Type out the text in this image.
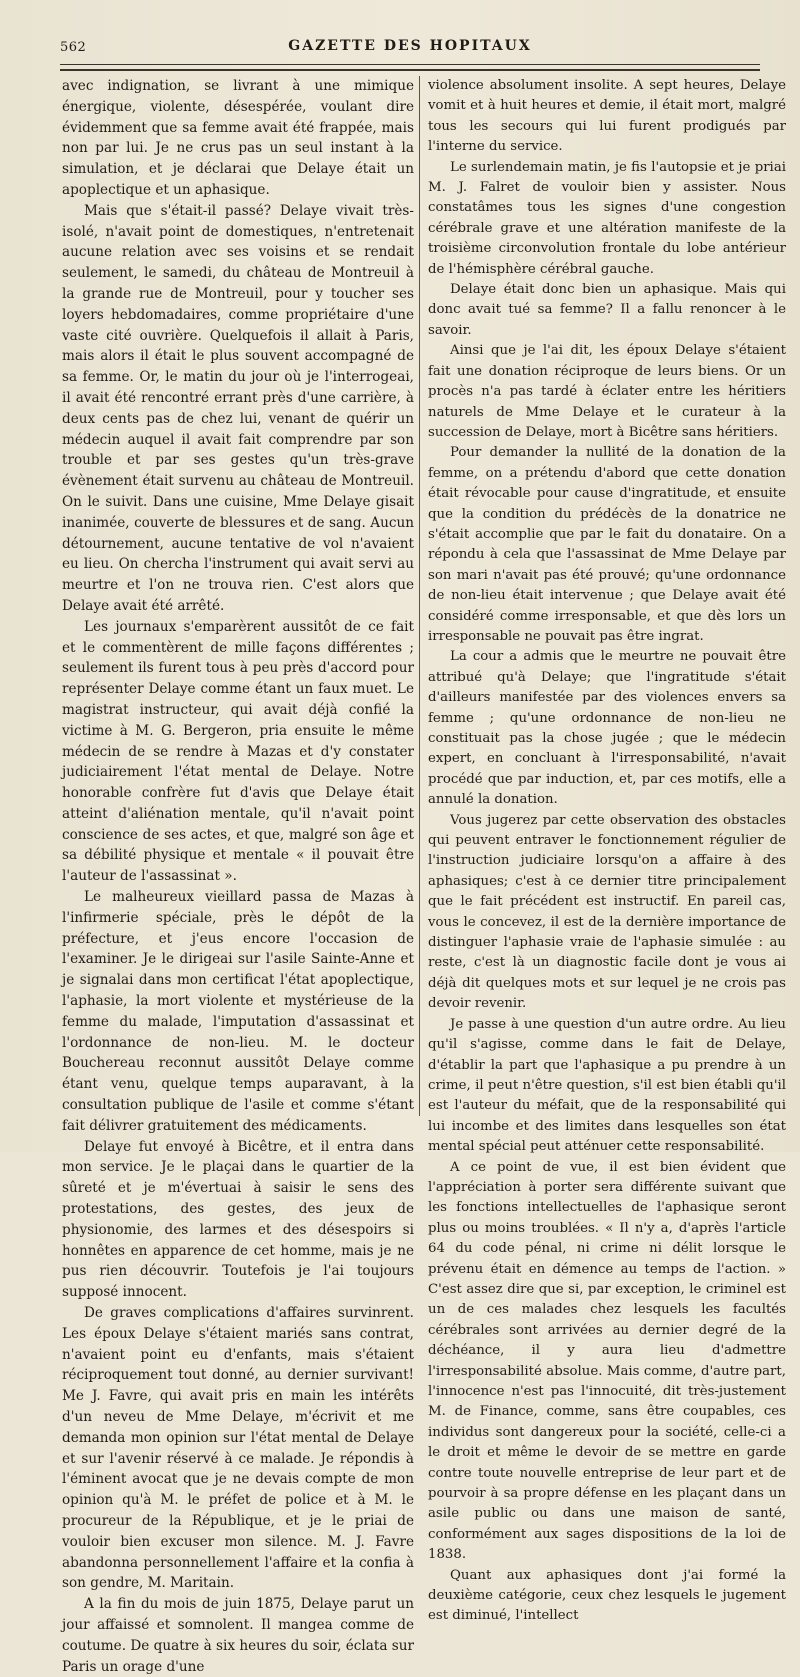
562	GAZETTE DES HOPITAUX

avec indignation, se livrant à une mimique énergique, violente, désespérée, voulant dire évidemment que sa femme avait été frappée, mais non par lui. Je ne crus pas un seul instant à la simulation, et je déclarai que Delaye était un apoplectique et un aphasique.

Mais que s'était-il passé? Delaye vivait très-isolé, n'avait point de domestiques, n'entretenait aucune relation avec ses voisins et se rendait seulement, le samedi, du château de Montreuil à la grande rue de Montreuil, pour y toucher ses loyers hebdomadaires, comme propriétaire d'une vaste cité ouvrière. Quelquefois il allait à Paris, mais alors il était le plus souvent accompagné de sa femme. Or, le matin du jour où je l'interrogeai, il avait été rencontré errant près d'une carrière, à deux cents pas de chez lui, venant de quérir un médecin auquel il avait fait comprendre par son trouble et par ses gestes qu'un très-grave évènement était survenu au château de Montreuil. On le suivit. Dans une cuisine, Mme Delaye gisait inanimée, couverte de blessures et de sang. Aucun détournement, aucune tentative de vol n'avaient eu lieu. On chercha l'instrument qui avait servi au meurtre et l'on ne trouva rien. C'est alors que Delaye avait été arrêté.

Les journaux s'emparèrent aussitôt de ce fait et le commentèrent de mille façons différentes ; seulement ils furent tous à peu près d'accord pour représenter Delaye comme étant un faux muet. Le magistrat instructeur, qui avait déjà confié la victime à M. G. Bergeron, pria ensuite le même médecin de se rendre à Mazas et d'y constater judiciairement l'état mental de Delaye. Notre honorable confrère fut d'avis que Delaye était atteint d'aliénation mentale, qu'il n'avait point conscience de ses actes, et que, malgré son âge et sa débilité physique et mentale « il pouvait être l'auteur de l'assassinat ».

Le malheureux vieillard passa de Mazas à l'infirmerie spéciale, près le dépôt de la préfecture, et j'eus encore l'occasion de l'examiner. Je le dirigeai sur l'asile Sainte-Anne et je signalai dans mon certificat l'état apoplectique, l'aphasie, la mort violente et mystérieuse de la femme du malade, l'imputation d'assassinat et l'ordonnance de non-lieu. M. le docteur Bouchereau reconnut aussitôt Delaye comme étant venu, quelque temps auparavant, à la consultation publique de l'asile et comme s'étant fait délivrer gratuitement des médicaments.

Delaye fut envoyé à Bicêtre, et il entra dans mon service. Je le plaçai dans le quartier de la sûreté et je m'évertuai à saisir le sens des protestations, des gestes, des jeux de physionomie, des larmes et des désespoirs si honnêtes en apparence de cet homme, mais je ne pus rien découvrir. Toutefois je l'ai toujours supposé innocent.

De graves complications d'affaires survinrent. Les époux Delaye s'étaient mariés sans contrat, n'avaient point eu d'enfants, mais s'étaient réciproquement tout donné, au dernier survivant! Me J. Favre, qui avait pris en main les intérêts d'un neveu de Mme Delaye, m'écrivit et me demanda mon opinion sur l'état mental de Delaye et sur l'avenir réservé à ce malade. Je répondis à l'éminent avocat que je ne devais compte de mon opinion qu'à M. le préfet de police et à M. le procureur de la République, et je le priai de vouloir bien excuser mon silence. M. J. Favre abandonna personnellement l'affaire et la confia à son gendre, M. Maritain.

A la fin du mois de juin 1875, Delaye parut un jour affaissé et somnolent. Il mangea comme de coutume. De quatre à six heures du soir, éclata sur Paris un orage d'une

violence absolument insolite. A sept heures, Delaye vomit et à huit heures et demie, il était mort, malgré tous les secours qui lui furent prodigués par l'interne du service.

Le surlendemain matin, je fis l'autopsie et je priai M. J. Falret de vouloir bien y assister. Nous constatâmes tous les signes d'une congestion cérébrale grave et une altération manifeste de la troisième circonvolution frontale du lobe antérieur de l'hémisphère cérébral gauche.

Delaye était donc bien un aphasique. Mais qui donc avait tué sa femme? Il a fallu renoncer à le savoir.

Ainsi que je l'ai dit, les époux Delaye s'étaient fait une donation réciproque de leurs biens. Or un procès n'a pas tardé à éclater entre les héritiers naturels de Mme Delaye et le curateur à la succession de Delaye, mort à Bicêtre sans héritiers.

Pour demander la nullité de la donation de la femme, on a prétendu d'abord que cette donation était révocable pour cause d'ingratitude, et ensuite que la condition du prédécès de la donatrice ne s'était accomplie que par le fait du donataire. On a répondu à cela que l'assassinat de Mme Delaye par son mari n'avait pas été prouvé; qu'une ordonnance de non-lieu était intervenue ; que Delaye avait été considéré comme irresponsable, et que dès lors un irresponsable ne pouvait pas être ingrat.

La cour a admis que le meurtre ne pouvait être attribué qu'à Delaye; que l'ingratitude s'était d'ailleurs manifestée par des violences envers sa femme ; qu'une ordonnance de non-lieu ne constituait pas la chose jugée ; que le médecin expert, en concluant à l'irresponsabilité, n'avait procédé que par induction, et, par ces motifs, elle a annulé la donation.

Vous jugerez par cette observation des obstacles qui peuvent entraver le fonctionnement régulier de l'instruction judiciaire lorsqu'on a affaire à des aphasiques; c'est à ce dernier titre principalement que le fait précédent est instructif. En pareil cas, vous le concevez, il est de la dernière importance de distinguer l'aphasie vraie de l'aphasie simulée : au reste, c'est là un diagnostic facile dont je vous ai déjà dit quelques mots et sur lequel je ne crois pas devoir revenir.

Je passe à une question d'un autre ordre. Au lieu qu'il s'agisse, comme dans le fait de Delaye, d'établir la part que l'aphasique a pu prendre à un crime, il peut n'être question, s'il est bien établi qu'il est l'auteur du méfait, que de la responsabilité qui lui incombe et des limites dans lesquelles son état mental spécial peut atténuer cette responsabilité.

A ce point de vue, il est bien évident que l'appréciation à porter sera différente suivant que les fonctions intellectuelles de l'aphasique seront plus ou moins troublées. « Il n'y a, d'après l'article 64 du code pénal, ni crime ni délit lorsque le prévenu était en démence au temps de l'action. » C'est assez dire que si, par exception, le criminel est un de ces malades chez lesquels les facultés cérébrales sont arrivées au dernier degré de la déchéance, il y aura lieu d'admettre l'irresponsabilité absolue. Mais comme, d'autre part, l'innocence n'est pas l'innocuité, dit très-justement M. de Finance, comme, sans être coupables, ces individus sont dangereux pour la société, celle-ci a le droit et même le devoir de se mettre en garde contre toute nouvelle entreprise de leur part et de pourvoir à sa propre défense en les plaçant dans un asile public ou dans une maison de santé, conformément aux sages dispositions de la loi de 1838.

Quant aux aphasiques dont j'ai formé la deuxième catégorie, ceux chez lesquels le jugement est diminué, l'intellect
